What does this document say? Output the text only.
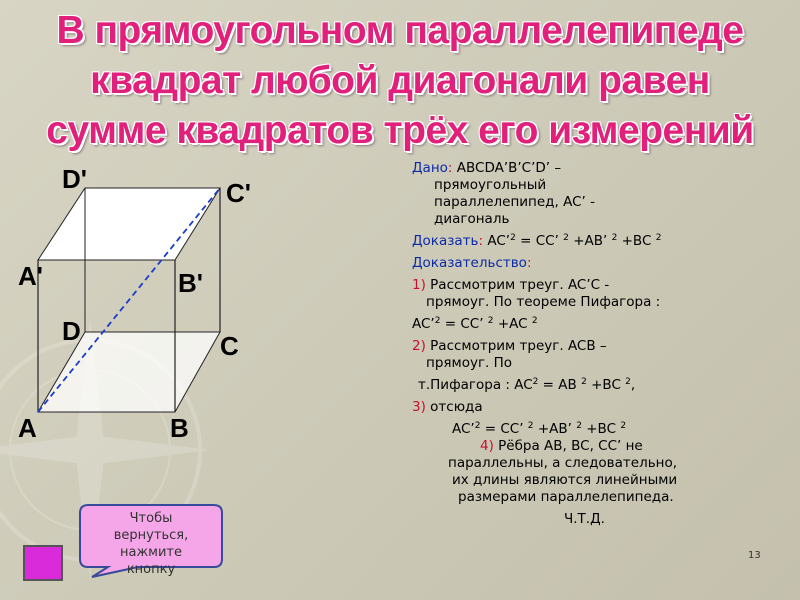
В прямоугольном параллелепипеде
квадрат любой диагонали равен
сумме квадратов трёх его измерений
D'	C'
A'	B'
D	C
A	B
Дано: ABCDA’B’C’D’ –
прямоугольный
параллелепипед, AC’ -
диагональ
Доказать: AC’$^2$ = CC’ $^2$ +AB’ $^2$ +BC $^2$
Доказательство:
1) Рассмотрим треуг. AC’C -
прямоуг. По теореме Пифагора :
AC’$^2$ = CC’ $^2$ +AC $^2$
2) Рассмотрим треуг. ACB –
прямоуг. По
т.Пифагора : $AC^2$ = AB $^2$ +BC $^2$,
3) отсюда
AC’$^2$ = CC’ $^2$ +AB’ $^2$ +BC $^2$
4) Рёбра AB, BC, CC’ не
параллельны, а следовательно,
их длины являются линейными
размерами параллелепипеда.
Ч.Т.Д.
Чтобы
вернуться,
нажмите
кнопку
13
